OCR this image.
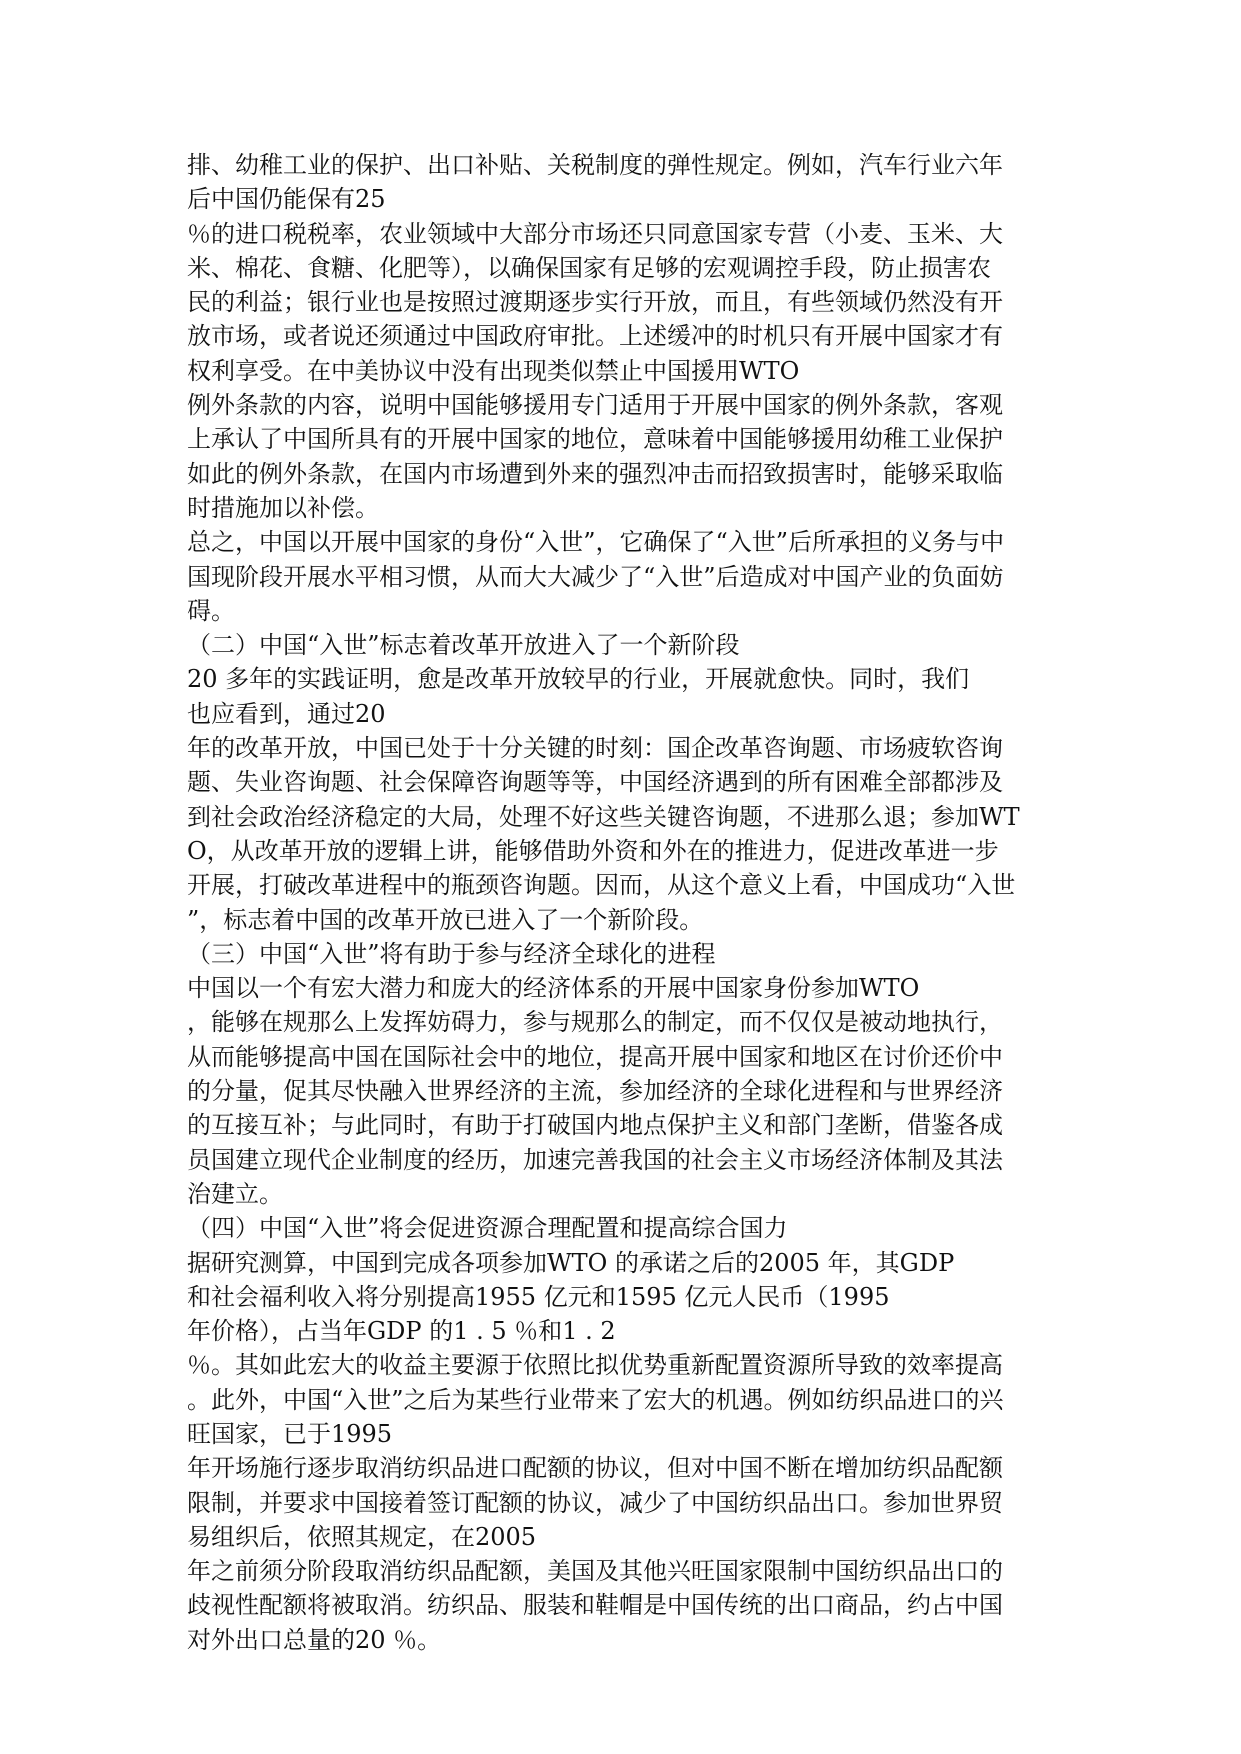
排、幼稚工业的保护、出口补贴、关税制度的弹性规定。例如，汽车行业六年
后中国仍能保有25
％的进口税税率，农业领域中大部分市场还只同意国家专营（小麦、玉米、大
米、棉花、食糖、化肥等），以确保国家有足够的宏观调控手段，防止损害农
民的利益；银行业也是按照过渡期逐步实行开放，而且，有些领域仍然没有开
放市场，或者说还须通过中国政府审批。上述缓冲的时机只有开展中国家才有
权利享受。在中美协议中没有出现类似禁止中国援用WTO
例外条款的内容，说明中国能够援用专门适用于开展中国家的例外条款，客观
上承认了中国所具有的开展中国家的地位，意味着中国能够援用幼稚工业保护
如此的例外条款，在国内市场遭到外来的强烈冲击而招致损害时，能够采取临
时措施加以补偿。
总之，中国以开展中国家的身份“入世”，它确保了“入世”后所承担的义务与中
国现阶段开展水平相习惯，从而大大减少了“入世”后造成对中国产业的负面妨
碍。
（二）中国“入世”标志着改革开放进入了一个新阶段
20 多年的实践证明，愈是改革开放较早的行业，开展就愈快。同时，我们
也应看到，通过20
年的改革开放，中国已处于十分关键的时刻：国企改革咨询题、市场疲软咨询
题、失业咨询题、社会保障咨询题等等，中国经济遇到的所有困难全部都涉及
到社会政治经济稳定的大局，处理不好这些关键咨询题，不进那么退；参加WT
O，从改革开放的逻辑上讲，能够借助外资和外在的推进力，促进改革进一步
开展，打破改革进程中的瓶颈咨询题。因而，从这个意义上看，中国成功“入世
”，标志着中国的改革开放已进入了一个新阶段。
（三）中国“入世”将有助于参与经济全球化的进程
中国以一个有宏大潜力和庞大的经济体系的开展中国家身份参加WTO
，能够在规那么上发挥妨碍力，参与规那么的制定，而不仅仅是被动地执行，
从而能够提高中国在国际社会中的地位，提高开展中国家和地区在讨价还价中
的分量，促其尽快融入世界经济的主流，参加经济的全球化进程和与世界经济
的互接互补；与此同时，有助于打破国内地点保护主义和部门垄断，借鉴各成
员国建立现代企业制度的经历，加速完善我国的社会主义市场经济体制及其法
治建立。
（四）中国“入世”将会促进资源合理配置和提高综合国力
据研究测算，中国到完成各项参加WTO 的承诺之后的2005 年，其GDP
和社会福利收入将分别提高1955 亿元和1595 亿元人民币（1995
年价格），占当年GDP 的1 . 5 ％和1 . 2
％。其如此宏大的收益主要源于依照比拟优势重新配置资源所导致的效率提高
。此外，中国“入世”之后为某些行业带来了宏大的机遇。例如纺织品进口的兴
旺国家，已于1995
年开场施行逐步取消纺织品进口配额的协议，但对中国不断在增加纺织品配额
限制，并要求中国接着签订配额的协议，减少了中国纺织品出口。参加世界贸
易组织后，依照其规定，在2005
年之前须分阶段取消纺织品配额，美国及其他兴旺国家限制中国纺织品出口的
歧视性配额将被取消。纺织品、服装和鞋帽是中国传统的出口商品，约占中国
对外出口总量的20 ％。
